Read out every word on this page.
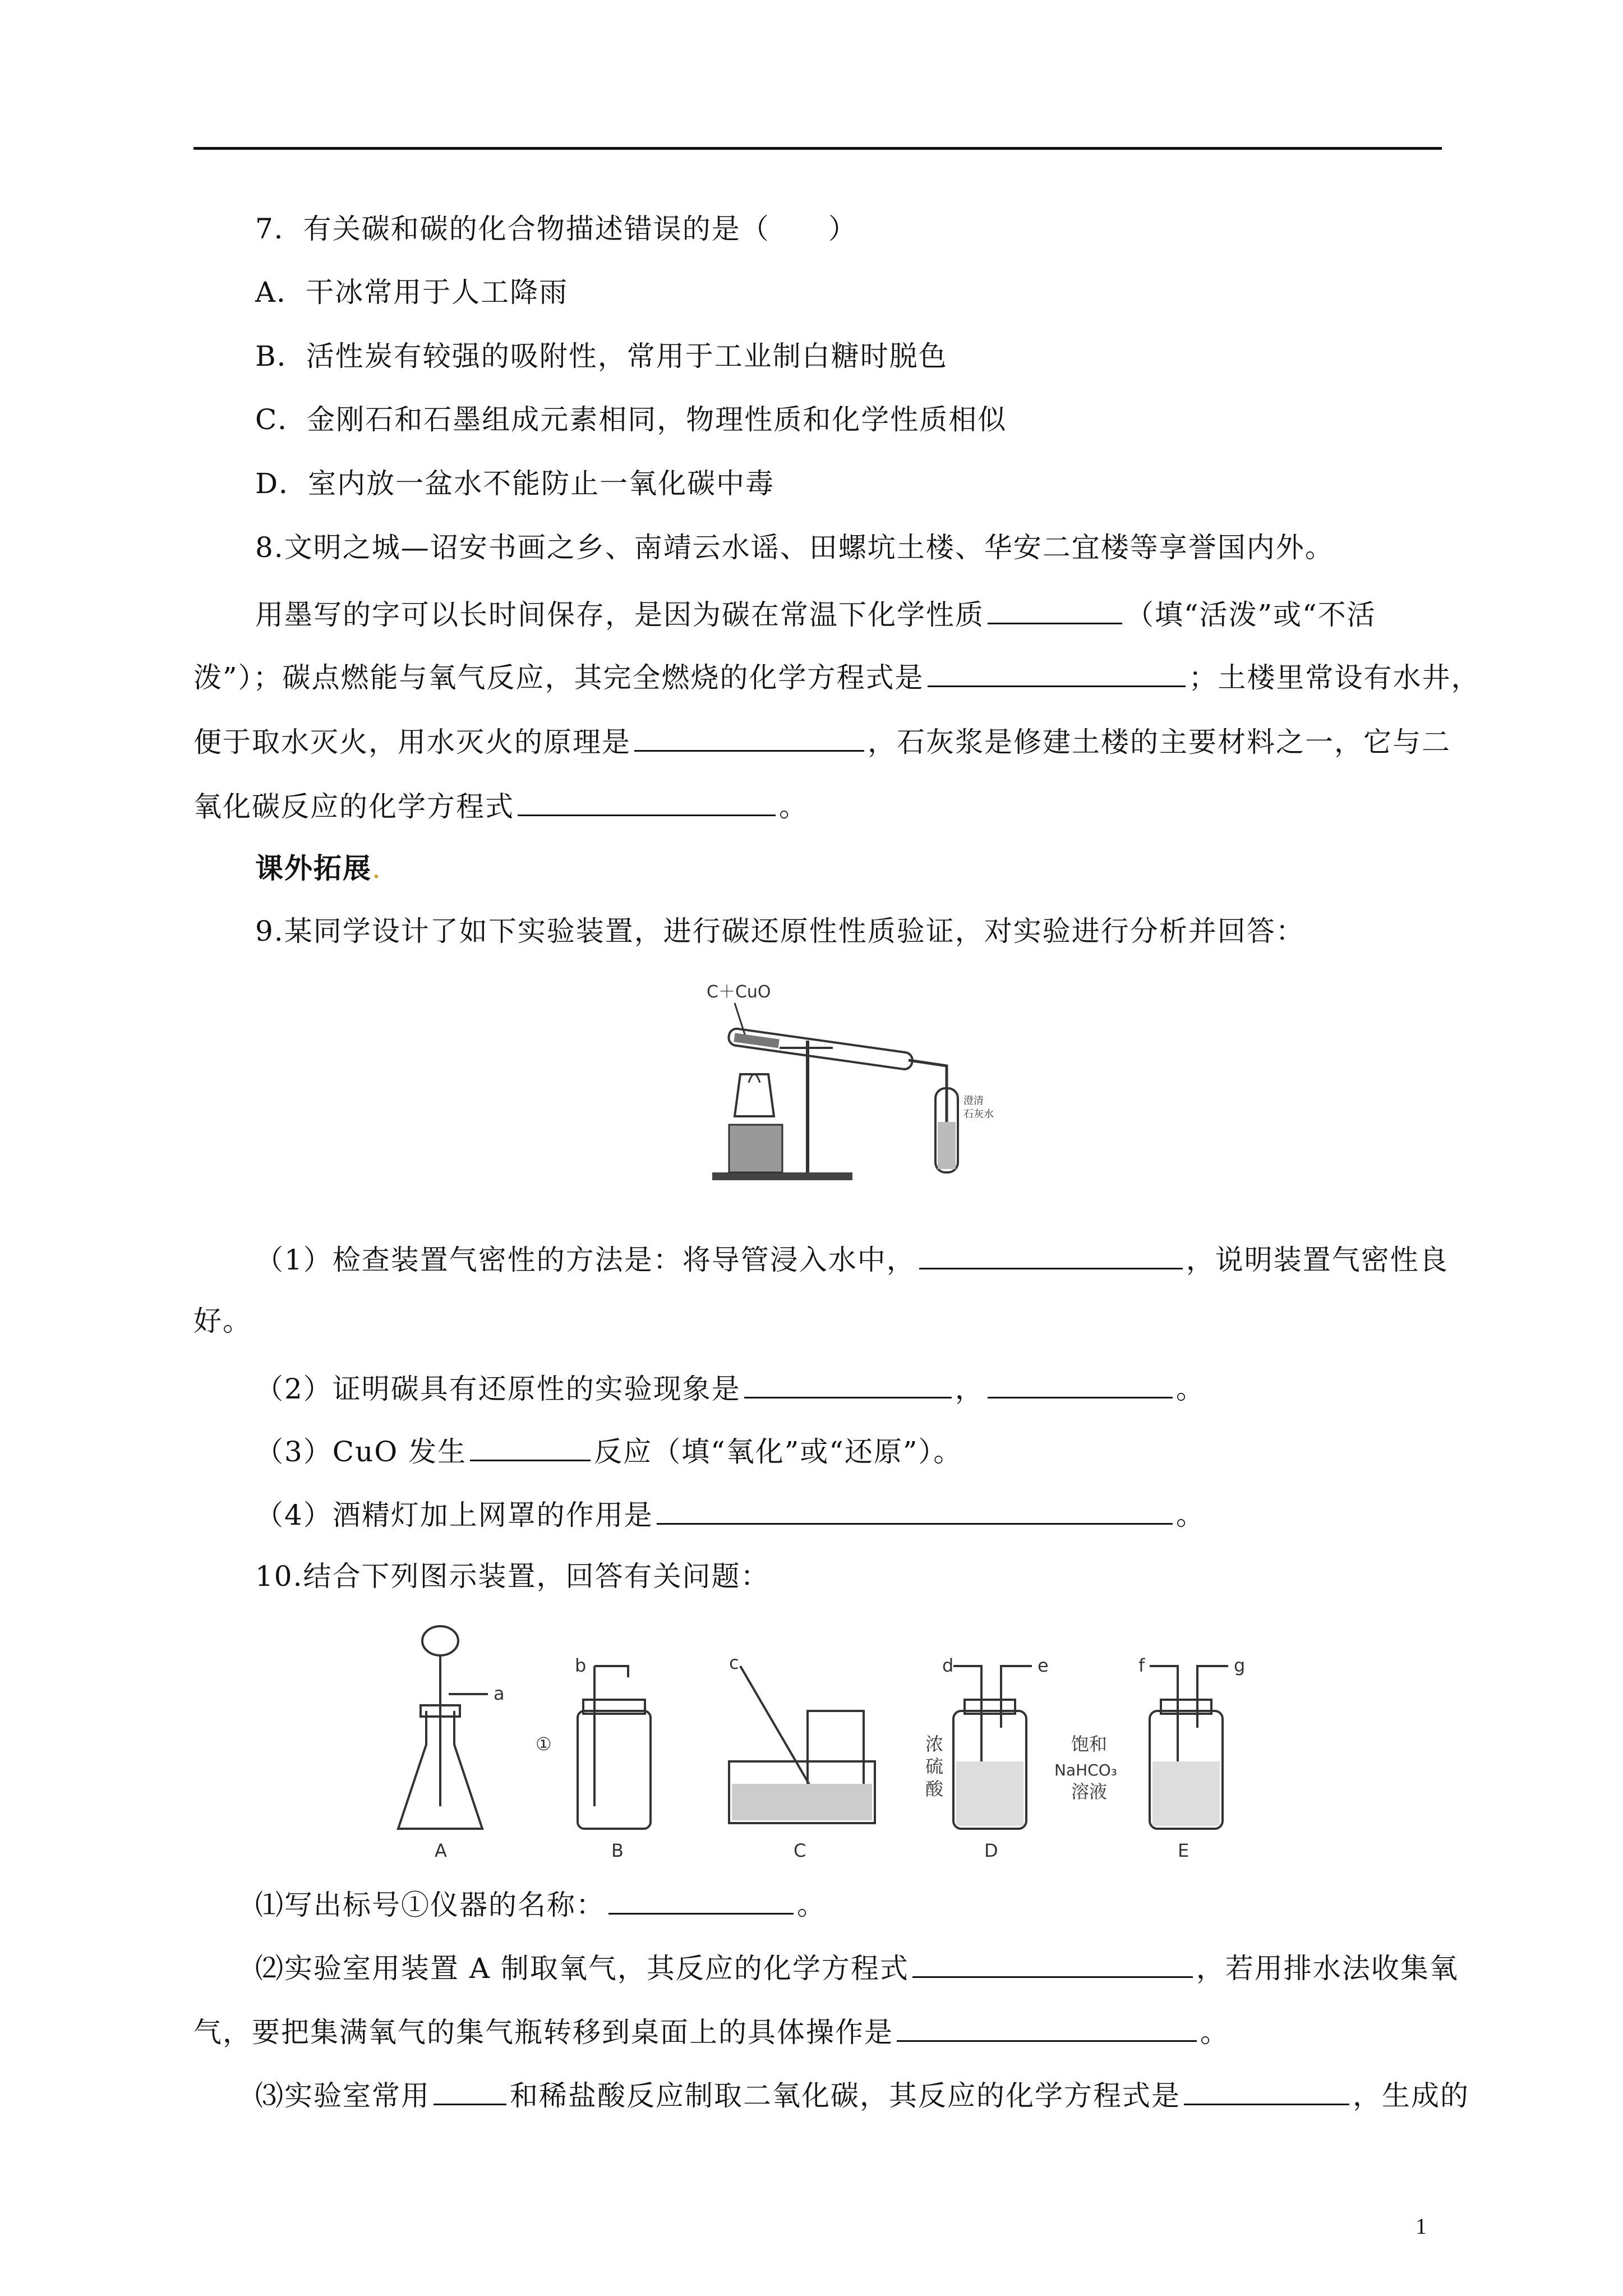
7．有关碳和碳的化合物描述错误的是（　　）
A．干冰常用于人工降雨
B．活性炭有较强的吸附性，常用于工业制白糖时脱色
C．金刚石和石墨组成元素相同，物理性质和化学性质相似
D．室内放一盆水不能防止一氧化碳中毒
8.文明之城—诏安书画之乡、南靖云水谣、田螺坑土楼、华安二宜楼等享誉国内外。
用墨写的字可以长时间保存，是因为碳在常温下化学性质	（填“活泼”或“不活
泼”）；碳点燃能与氧气反应，其完全燃烧的化学方程式是	；土楼里常设有水井，
便于取水灭火，用水灭火的原理是	，石灰浆是修建土楼的主要材料之一，它与二
氧化碳反应的化学方程式	。
课外拓展.
9.某同学设计了如下实验装置，进行碳还原性性质验证，对实验进行分析并回答：
C＋CuO
澄清
石灰水
（1）检查装置气密性的方法是：将导管浸入水中，	，说明装置气密性良
好。
（2）证明碳具有还原性的实验现象是	，	。
（3）CuO 发生	反应（填“氧化”或“还原”）。
（4）酒精灯加上网罩的作用是	。
10.结合下列图示装置，回答有关问题：
a
b
①
c	d	e	f	g
浓
硫
酸
饱和
NaHCO₃
溶液
A	B	C	D	E
⑴写出标号①仪器的名称：	。
⑵实验室用装置 A 制取氧气，其反应的化学方程式	，若用排水法收集氧
气，要把集满氧气的集气瓶转移到桌面上的具体操作是	。
⑶实验室常用	和稀盐酸反应制取二氧化碳，其反应的化学方程式是	，生成的
1
